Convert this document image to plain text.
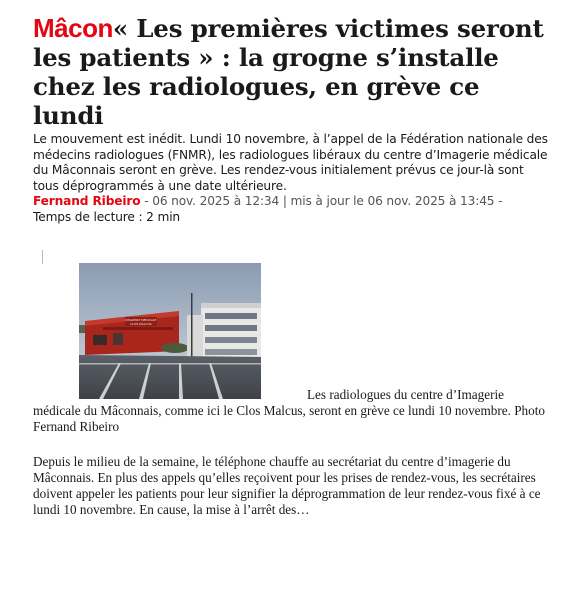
Mâcon« Les premières victimes seront les patients » : la grogne s’installe chez les radiologues, en grève ce lundi

Le mouvement est inédit. Lundi 10 novembre, à l’appel de la Fédération nationale des médecins radiologues (FNMR), les radiologues libéraux du centre d’Imagerie médicale du Mâconnais seront en grève. Les rendez-vous initialement prévus ce jour-là sont tous déprogrammés à une date ultérieure.

Fernand Ribeiro - 06 nov. 2025 à 12:34 | mis à jour le 06 nov. 2025 à 13:45 -
Temps de lecture : 2 min

IMAGERIE MÉDICALE
CLOS MALCUS
Les radiologues du centre d’Imagerie médicale du Mâconnais, comme ici le Clos Malcus, seront en grève ce lundi 10 novembre. Photo Fernand Ribeiro

Depuis le milieu de la semaine, le téléphone chauffe au secrétariat du centre d’imagerie du Mâconnais. En plus des appels qu’elles reçoivent pour les prises de rendez-vous, les secrétaires doivent appeler les patients pour leur signifier la déprogrammation de leur rendez-vous fixé à ce lundi 10 novembre. En cause, la mise à l’arrêt des…
